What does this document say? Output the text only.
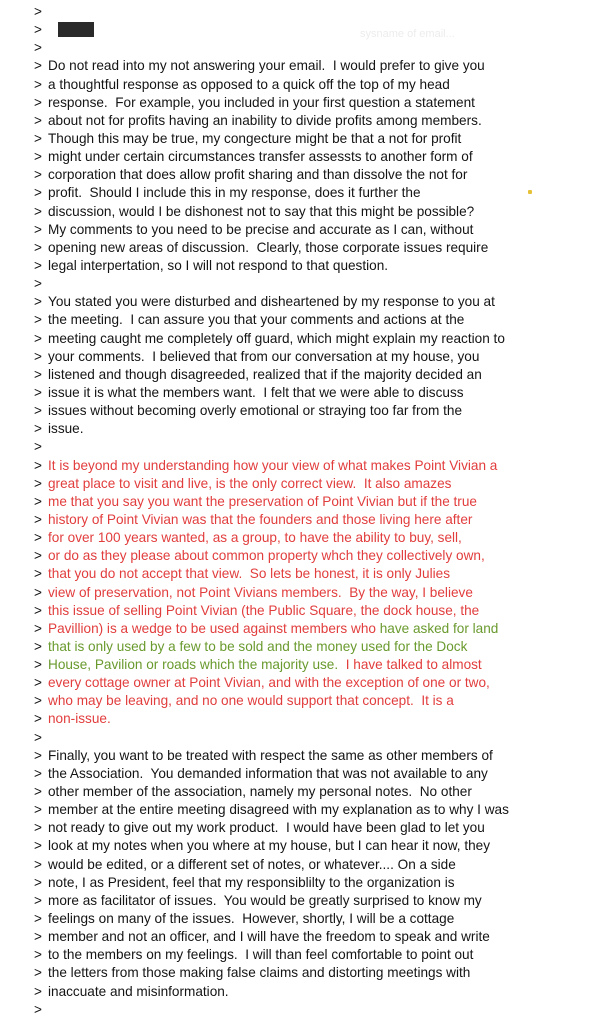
sysname of email...
>
>
>
> Do not read into my not answering your email.  I would prefer to give you
> a thoughtful response as opposed to a quick off the top of my head
> response.  For example, you included in your first question a statement
> about not for profits having an inability to divide profits among members.
> Though this may be true, my congecture might be that a not for profit
> might under certain circumstances transfer assessts to another form of
> corporation that does allow profit sharing and than dissolve the not for
> profit.  Should I include this in my response, does it further the
> discussion, would I be dishonest not to say that this might be possible?
> My comments to you need to be precise and accurate as I can, without
> opening new areas of discussion.  Clearly, those corporate issues require
> legal interpertation, so I will not respond to that question.
>
> You stated you were disturbed and disheartened by my response to you at
> the meeting.  I can assure you that your comments and actions at the
> meeting caught me completely off guard, which might explain my reaction to
> your comments.  I believed that from our conversation at my house, you
> listened and though disagreeded, realized that if the majority decided an
> issue it is what the members want.  I felt that we were able to discuss
> issues without becoming overly emotional or straying too far from the
> issue.
>
> It is beyond my understanding how your view of what makes Point Vivian a
> great place to visit and live, is the only correct view.  It also amazes
> me that you say you want the preservation of Point Vivian but if the true
> history of Point Vivian was that the founders and those living here after
> for over 100 years wanted, as a group, to have the ability to buy, sell,
> or do as they please about common property whch they collectively own,
> that you do not accept that view.  So lets be honest, it is only Julies
> view of preservation, not Point Vivians members.  By the way, I believe
> this issue of selling Point Vivian (the Public Square, the dock house, the
> Pavillion) is a wedge to be used against members who have asked for land
> that is only used by a few to be sold and the money used for the Dock
> House, Pavilion or roads which the majority use.  I have talked to almost
> every cottage owner at Point Vivian, and with the exception of one or two,
> who may be leaving, and no one would support that concept.  It is a
> non-issue.
>
> Finally, you want to be treated with respect the same as other members of
> the Association.  You demanded information that was not available to any
> other member of the association, namely my personal notes.  No other
> member at the entire meeting disagreed with my explanation as to why I was
> not ready to give out my work product.  I would have been glad to let you
> look at my notes when you where at my house, but I can hear it now, they
> would be edited, or a different set of notes, or whatever.... On a side
> note, I as President, feel that my responsiblilty to the organization is
> more as facilitator of issues.  You would be greatly surprised to know my
> feelings on many of the issues.  However, shortly, I will be a cottage
> member and not an officer, and I will have the freedom to speak and write
> to the members on my feelings.  I will than feel comfortable to point out
> the letters from those making false claims and distorting meetings with
> inaccuate and misinformation.
>
